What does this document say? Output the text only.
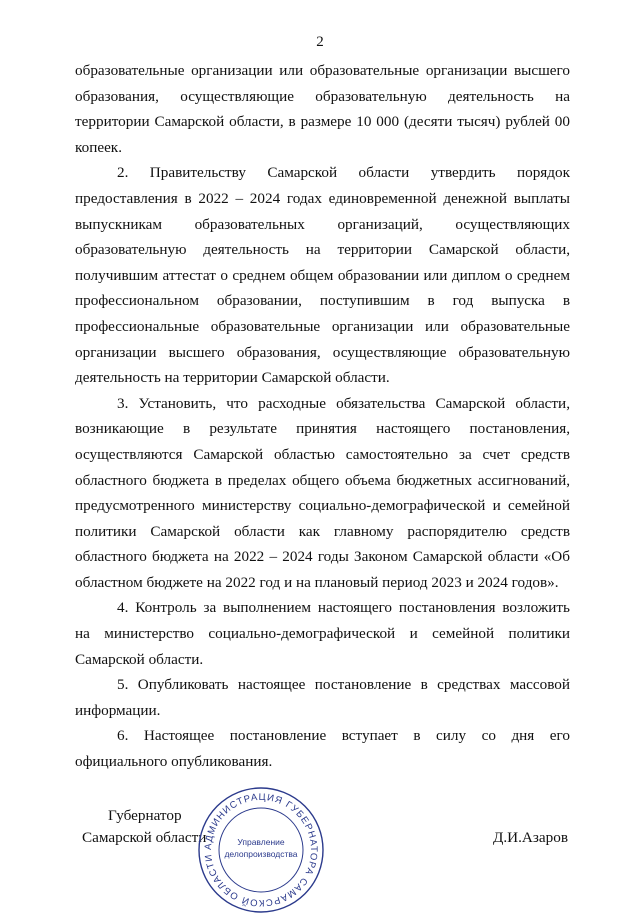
2

образовательные организации или образовательные организации высшего образования, осуществляющие образовательную деятельность на территории Самарской области, в размере 10 000 (десяти тысяч) рублей 00 копеек.

2. Правительству Самарской области утвердить порядок предоставления в 2022 – 2024 годах единовременной денежной выплаты выпускникам образовательных организаций, осуществляющих образовательную деятельность на территории Самарской области, получившим аттестат о среднем общем образовании или диплом о среднем профессиональном образовании, поступившим в год выпуска в профессиональные образовательные организации или образовательные организации высшего образования, осуществляющие образовательную деятельность на территории Самарской области.

3. Установить, что расходные обязательства Самарской области, возникающие в результате принятия настоящего постановления, осуществляются Самарской областью самостоятельно за счет средств областного бюджета в пределах общего объема бюджетных ассигнований, предусмотренного министерству социально-демографической и семейной политики Самарской области как главному распорядителю средств областного бюджета на 2022 – 2024 годы Законом Самарской области «Об областном бюджете на 2022 год и на плановый период 2023 и 2024 годов».

4. Контроль за выполнением настоящего постановления возложить на министерство социально-демографической и семейной политики Самарской области.

5. Опубликовать настоящее постановление в средствах массовой информации.

6. Настоящее постановление вступает в силу со дня его официального опубликования.

Губернатор
Самарской области
АДМИНИСТРАЦИЯ ГУБЕРНАТОРА САМАРСКОЙ ОБЛАСТИ
Управление
делопроизводства
Д.И.Азаров
